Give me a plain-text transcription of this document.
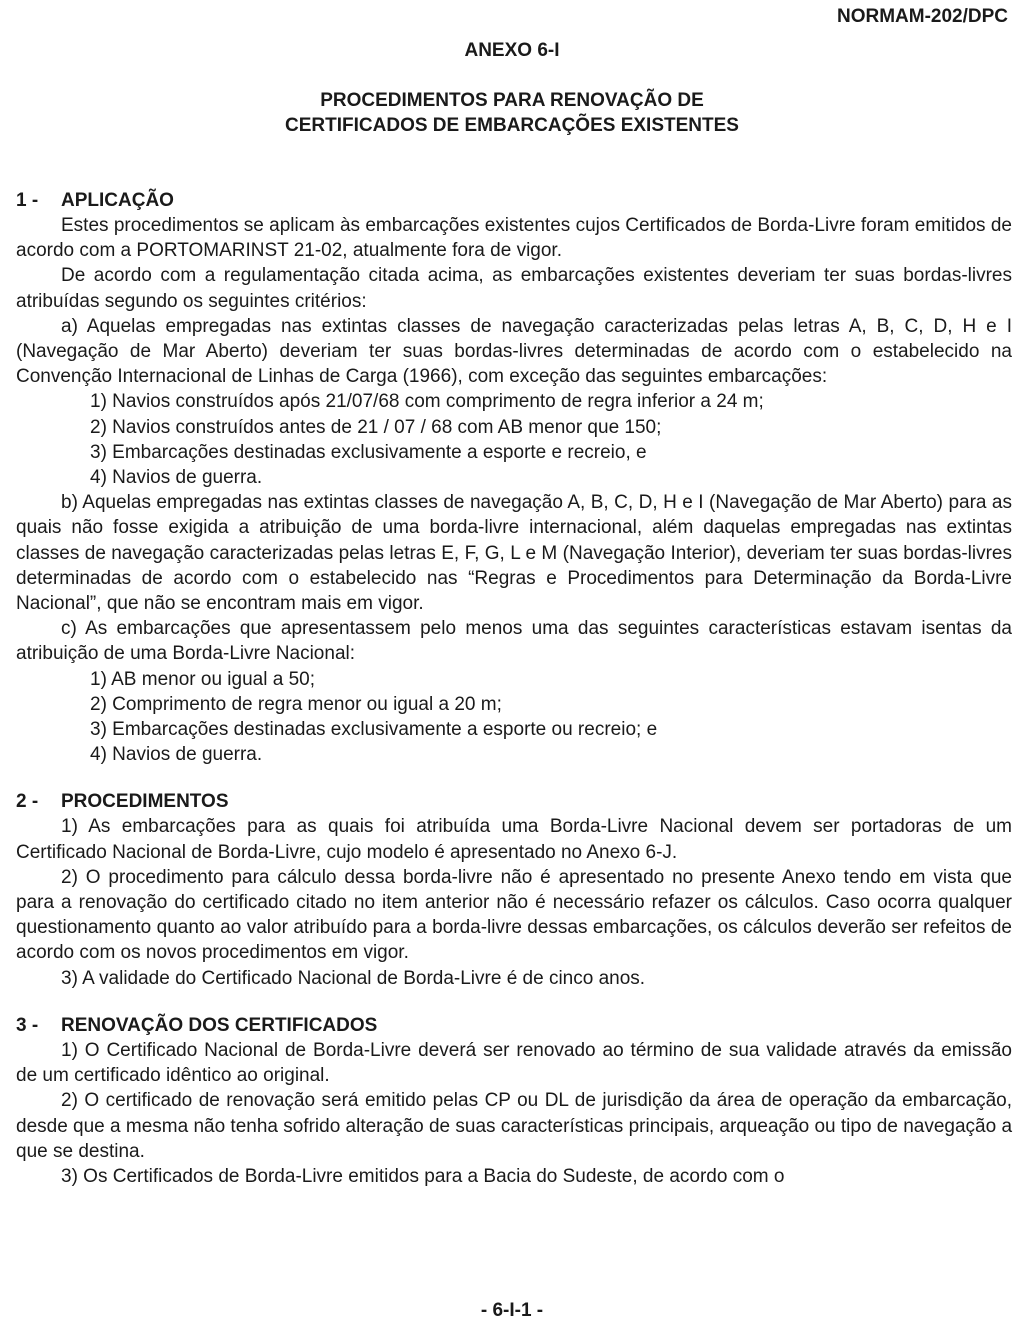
NORMAM-202/DPC
ANEXO 6-I
PROCEDIMENTOS PARA RENOVAÇÃO DE
CERTIFICADOS DE EMBARCAÇÕES EXISTENTES
1 - APLICAÇÃO

Estes procedimentos se aplicam às embarcações existentes cujos Certificados de Borda-Livre foram emitidos de acordo com a PORTOMARINST 21-02, atualmente fora de vigor.

De acordo com a regulamentação citada acima, as embarcações existentes deveriam ter suas bordas-livres atribuídas segundo os seguintes critérios:

a) Aquelas empregadas nas extintas classes de navegação caracterizadas pelas letras A, B, C, D, H e I (Navegação de Mar Aberto) deveriam ter suas bordas-livres determinadas de acordo com o estabelecido na Convenção Internacional de Linhas de Carga (1966), com exceção das seguintes embarcações:

1) Navios construídos após 21/07/68 com comprimento de regra inferior a 24 m;

2) Navios construídos antes de 21 / 07 / 68 com AB menor que 150;

3) Embarcações destinadas exclusivamente a esporte e recreio, e

4) Navios de guerra.

b) Aquelas empregadas nas extintas classes de navegação A, B, C, D, H e I (Navegação de Mar Aberto) para as quais não fosse exigida a atribuição de uma borda-livre internacional, além daquelas empregadas nas extintas classes de navegação caracterizadas pelas letras E, F, G, L e M (Navegação Interior), deveriam ter suas bordas-livres determinadas de acordo com o estabelecido nas “Regras e Procedimentos para Determinação da Borda-Livre Nacional”, que não se encontram mais em vigor.

c) As embarcações que apresentassem pelo menos uma das seguintes características estavam isentas da atribuição de uma Borda-Livre Nacional:

1) AB menor ou igual a 50;

2) Comprimento de regra menor ou igual a 20 m;

3) Embarcações destinadas exclusivamente a esporte ou recreio; e

4) Navios de guerra.

2 - PROCEDIMENTOS

1) As embarcações para as quais foi atribuída uma Borda-Livre Nacional devem ser portadoras de um Certificado Nacional de Borda-Livre, cujo modelo é apresentado no Anexo 6-J.

2) O procedimento para cálculo dessa borda-livre não é apresentado no presente Anexo tendo em vista que para a renovação do certificado citado no item anterior não é necessário refazer os cálculos. Caso ocorra qualquer questionamento quanto ao valor atribuído para a borda-livre dessas embarcações, os cálculos deverão ser refeitos de acordo com os novos procedimentos em vigor.

3) A validade do Certificado Nacional de Borda-Livre é de cinco anos.

3 - RENOVAÇÃO DOS CERTIFICADOS

1) O Certificado Nacional de Borda-Livre deverá ser renovado ao término de sua validade através da emissão de um certificado idêntico ao original.

2) O certificado de renovação será emitido pelas CP ou DL de jurisdição da área de operação da embarcação, desde que a mesma não tenha sofrido alteração de suas características principais, arqueação ou tipo de navegação a que se destina.

3) Os Certificados de Borda-Livre emitidos para a Bacia do Sudeste, de acordo com o

- 6-I-1 -
